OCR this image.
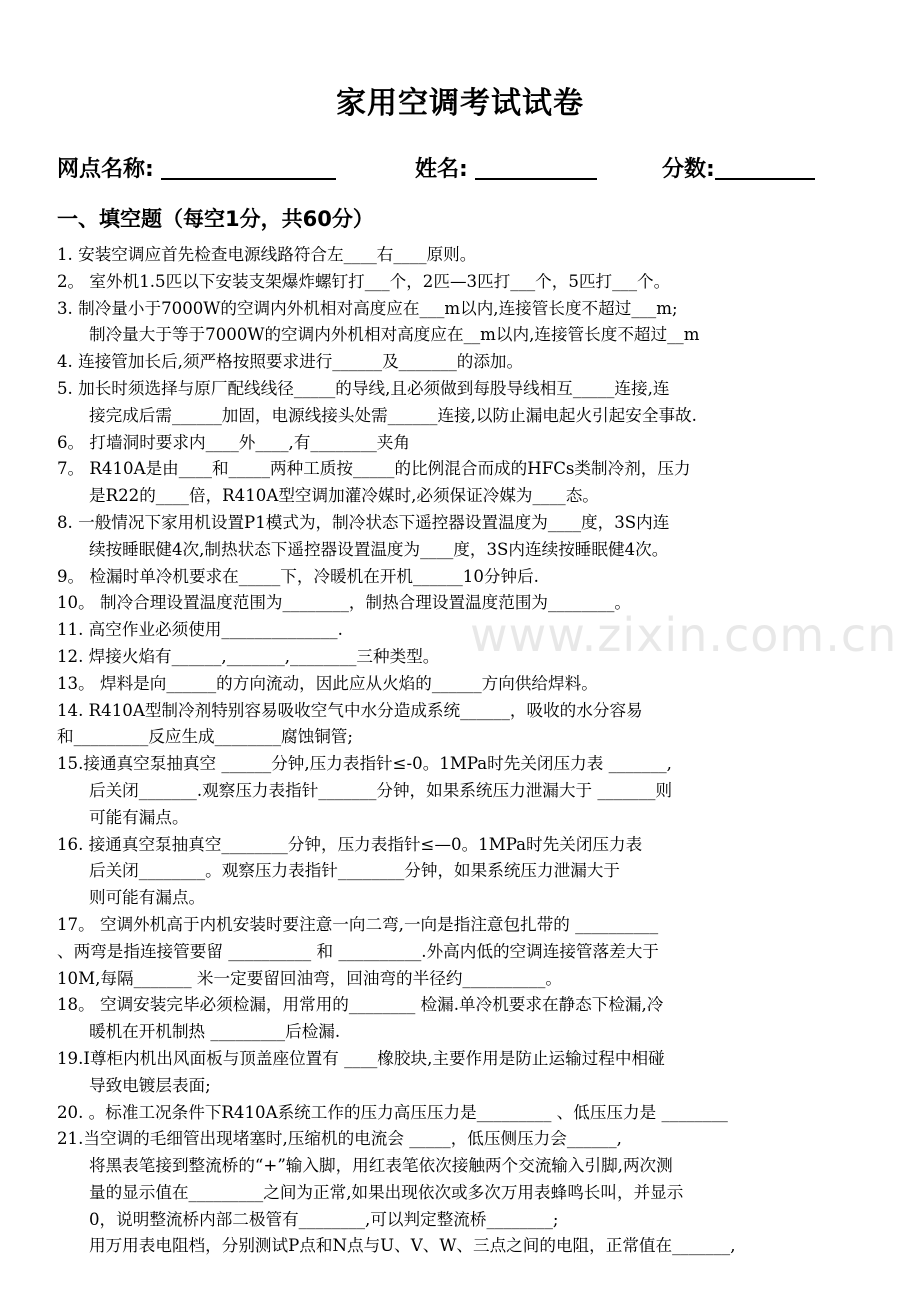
家用空调考试试卷
网点名称:	姓名:	分数:
一、填空题（每空1分，共60分）

1. 安装空调应首先检查电源线路符合左____右____原则。

2。 室外机1.5匹以下安装支架爆炸螺钉打___个，2匹—3匹打___个，5匹打___个。

3. 制冷量小于7000W的空调内外机相对高度应在___m以内,连接管长度不超过___m;

制冷量大于等于7000W的空调内外机相对高度应在__m以内,连接管长度不超过__m

4. 连接管加长后,须严格按照要求进行______及_______的添加。

5. 加长时须选择与原厂配线线径_____的导线,且必须做到每股导线相互_____连接,连

接完成后需______加固，电源线接头处需______连接,以防止漏电起火引起安全事故.

6。 打墙洞时要求内____外____,有________夹角

7。 R410A是由____和_____两种工质按_____的比例混合而成的HFCs类制冷剂，压力

是R22的____倍，R410A型空调加灌冷媒时,必须保证冷媒为____态。

8. 一般情况下家用机设置P1模式为，制冷状态下遥控器设置温度为____度，3S内连

续按睡眠健4次,制热状态下遥控器设置温度为____度，3S内连续按睡眠健4次。

9。 检漏时单冷机要求在_____下，冷暖机在开机______10分钟后.

10。 制冷合理设置温度范围为________，制热合理设置温度范围为________。

11. 高空作业必须使用______________.

12. 焊接火焰有______,_______,________三种类型。

13。 焊料是向______的方向流动，因此应从火焰的______方向供给焊料。

14. R410A型制冷剂特别容易吸收空气中水分造成系统______，吸收的水分容易

和_________反应生成________腐蚀铜管;

15.接通真空泵抽真空 ______分钟,压力表指针≤-0。1MPa时先关闭压力表 _______,

后关闭_______.观察压力表指针_______分钟，如果系统压力泄漏大于 _______则

可能有漏点。

16. 接通真空泵抽真空________分钟，压力表指针≤—0。1MPa时先关闭压力表

后关闭________。观察压力表指针________分钟，如果系统压力泄漏大于

则可能有漏点。

17。 空调外机高于内机安装时要注意一向二弯,一向是指注意包扎带的 __________

、两弯是指连接管要留 __________ 和 __________.外高内低的空调连接管落差大于

10M,每隔_______ 米一定要留回油弯，回油弯的半径约__________。

18。 空调安装完毕必须检漏，用常用的________ 检漏.单冷机要求在静态下检漏,冷

暖机在开机制热 _________后检漏.

19.I尊柜内机出风面板与顶盖座位置有 ____橡胶块,主要作用是防止运输过程中相碰

导致电镀层表面;

20. 。标准工况条件下R410A系统工作的压力高压压力是_________ 、低压压力是 ________

21.当空调的毛细管出现堵塞时,压缩机的电流会 _____，低压侧压力会______,

将黑表笔接到整流桥的“+”输入脚，用红表笔依次接触两个交流输入引脚,两次测

量的显示值在_________之间为正常,如果出现依次或多次万用表蜂鸣长叫，并显示

0，说明整流桥内部二极管有________,可以判定整流桥________;

用万用表电阻档，分别测试P点和N点与U、V、W、三点之间的电阻，正常值在_______,

www.zixin.com.cn
